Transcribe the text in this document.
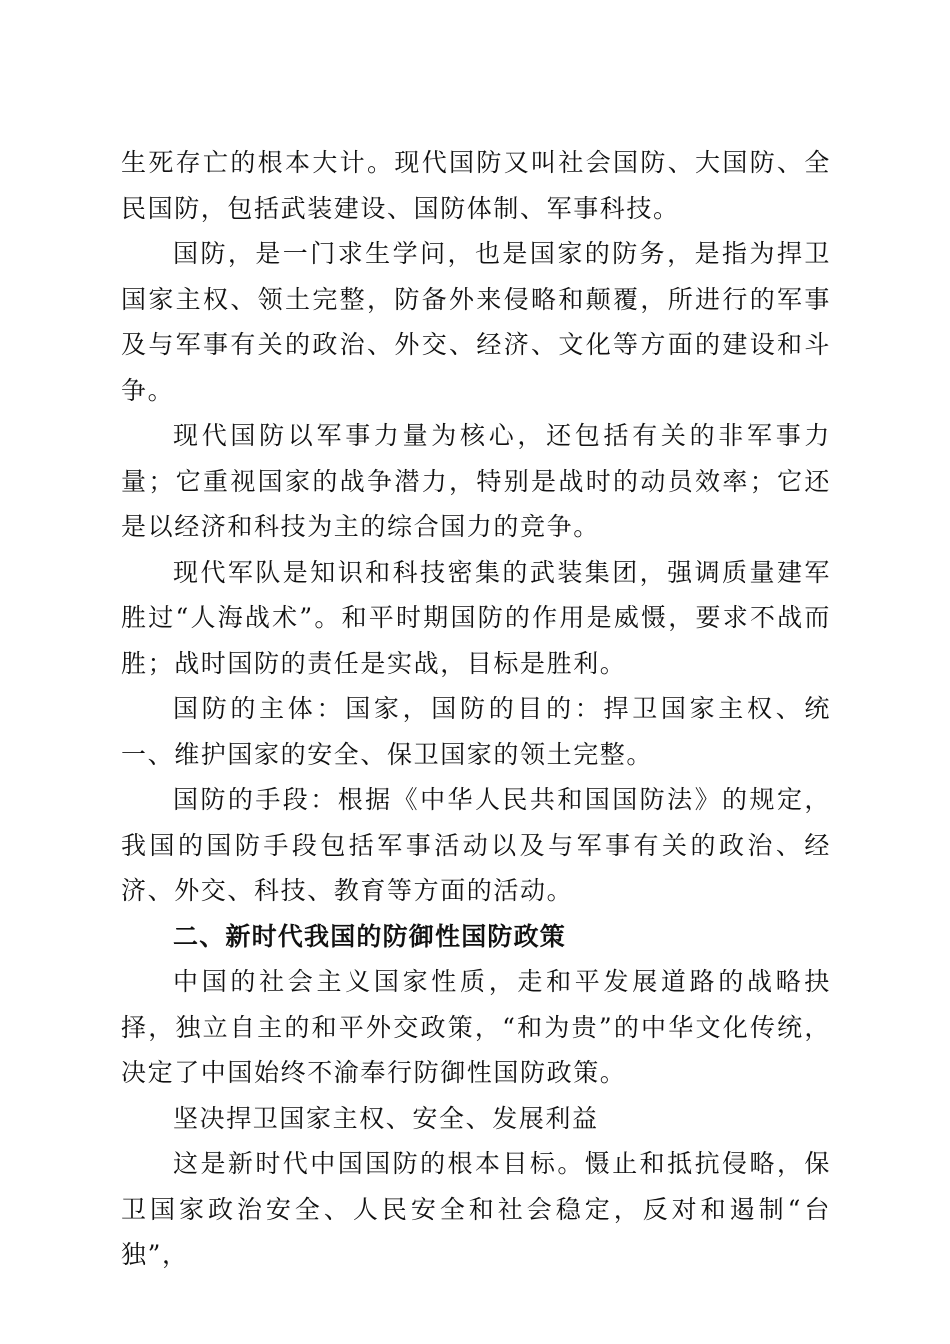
生死存亡的根本大计。现代国防又叫社会国防、大国防、全民国防，包括武装建设、国防体制、军事科技。

国防，是一门求生学问，也是国家的防务，是指为捍卫国家主权、领土完整，防备外来侵略和颠覆，所进行的军事及与军事有关的政治、外交、经济、文化等方面的建设和斗争。

现代国防以军事力量为核心，还包括有关的非军事力量；它重视国家的战争潜力，特别是战时的动员效率；它还是以经济和科技为主的综合国力的竞争。

现代军队是知识和科技密集的武装集团，强调质量建军胜过“人海战术”。和平时期国防的作用是威慑，要求不战而胜；战时国防的责任是实战，目标是胜利。

国防的主体：国家，国防的目的：捍卫国家主权、统一、维护国家的安全、保卫国家的领土完整。

国防的手段：根据《中华人民共和国国防法》的规定，我国的国防手段包括军事活动以及与军事有关的政治、经济、外交、科技、教育等方面的活动。

二、新时代我国的防御性国防政策

中国的社会主义国家性质，走和平发展道路的战略抉择，独立自主的和平外交政策，“和为贵”的中华文化传统，决定了中国始终不渝奉行防御性国防政策。

坚决捍卫国家主权、安全、发展利益

这是新时代中国国防的根本目标。慑止和抵抗侵略，保卫国家政治安全、人民安全和社会稳定，反对和遏制“台独”，
